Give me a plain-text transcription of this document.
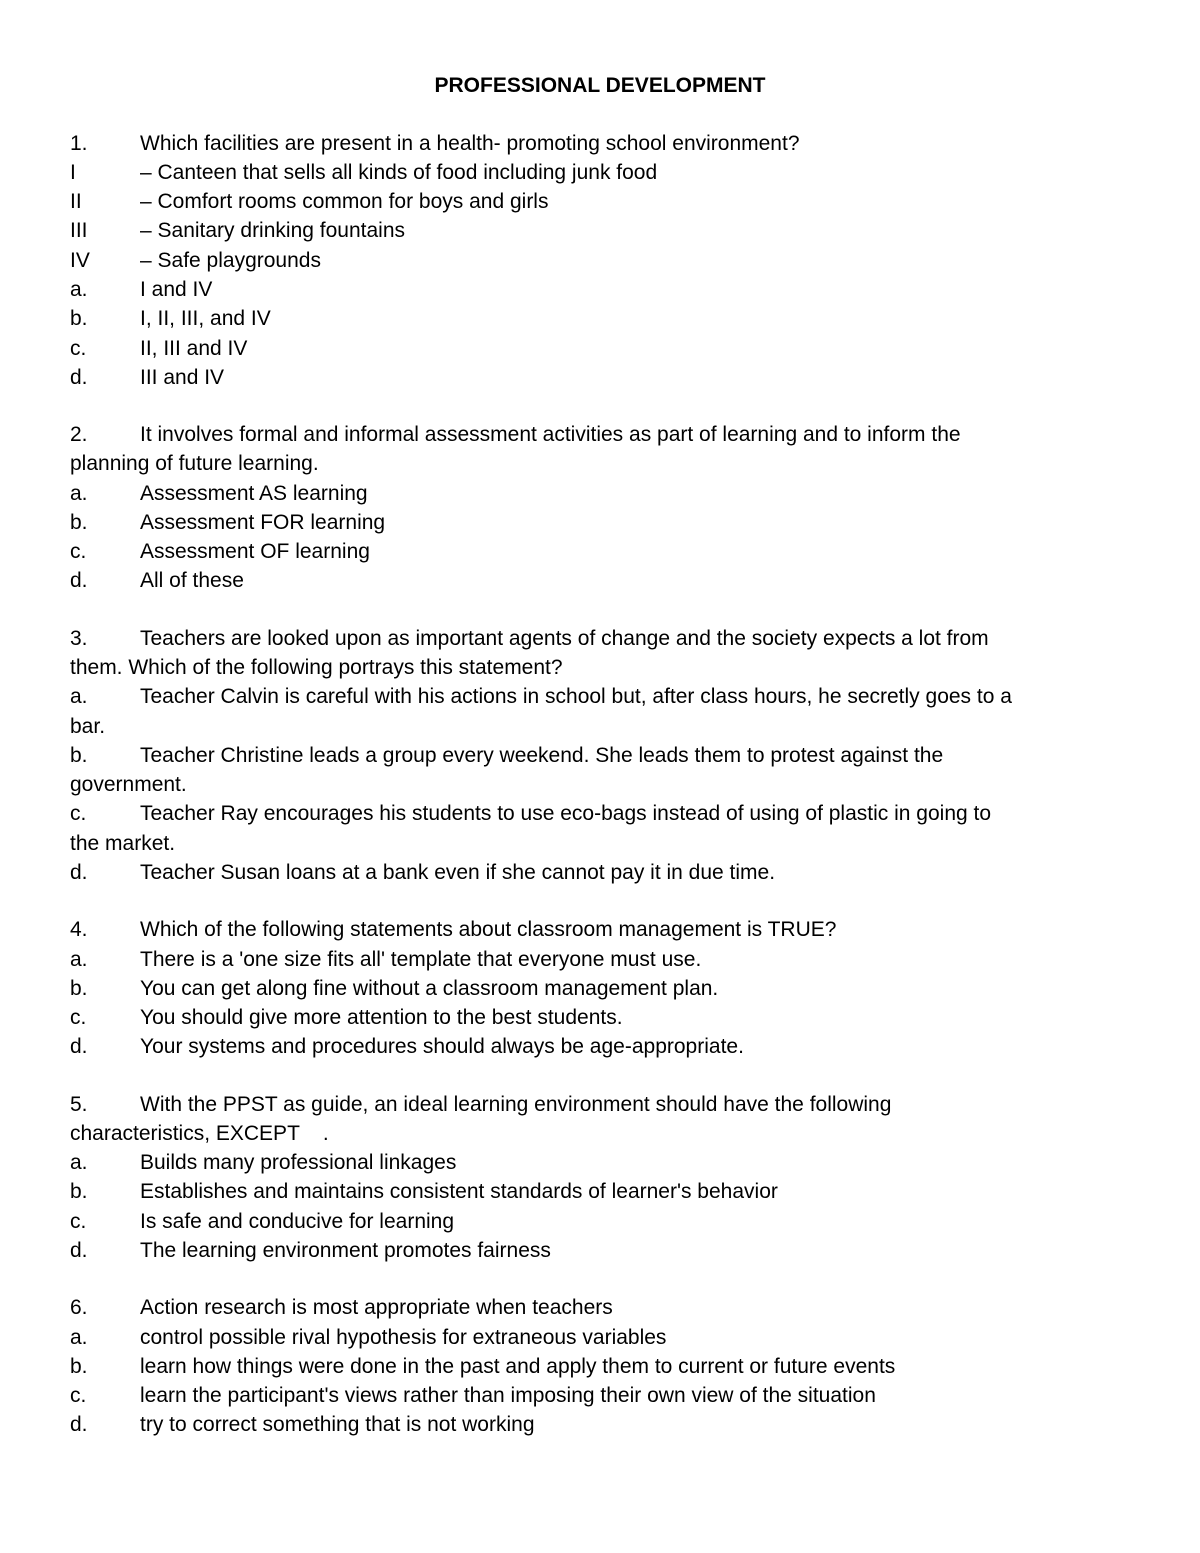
PROFESSIONAL DEVELOPMENT
1. Which facilities are present in a health- promoting school environment?
I	– Canteen that sells all kinds of food including junk food
II	– Comfort rooms common for boys and girls
III – Sanitary drinking fountains
IV – Safe playgrounds
a. I and IV
b. I, II, III, and IV
c.	II, III and IV
d. III and IV
2. It involves formal and informal assessment activities as part of learning and to inform the
planning of future learning.
a. Assessment AS learning
b. Assessment FOR learning
c.	Assessment OF learning
d. All of these
3. Teachers are looked upon as important agents of change and the society expects a lot from
them. Which of the following portrays this statement?
a. Teacher Calvin is careful with his actions in school but, after class hours, he secretly goes to a
bar.
b. Teacher Christine leads a group every weekend. She leads them to protest against the
government.
c.	Teacher Ray encourages his students to use eco-bags instead of using of plastic in going to
the market.
d. Teacher Susan loans at a bank even if she cannot pay it in due time.
4. Which of the following statements about classroom management is TRUE?
a. There is a 'one size fits all' template that everyone must use.
b. You can get along fine without a classroom management plan.
c.	You should give more attention to the best students.
d. Your systems and procedures should always be age-appropriate.
5. With the PPST as guide, an ideal learning environment should have the following
characteristics, EXCEPT    .
a. Builds many professional linkages
b. Establishes and maintains consistent standards of learner's behavior
c.	Is safe and conducive for learning
d. The learning environment promotes fairness
6. Action research is most appropriate when teachers
a. control possible rival hypothesis for extraneous variables
b. learn how things were done in the past and apply them to current or future events
c.	learn the participant's views rather than imposing their own view of the situation
d. try to correct something that is not working
